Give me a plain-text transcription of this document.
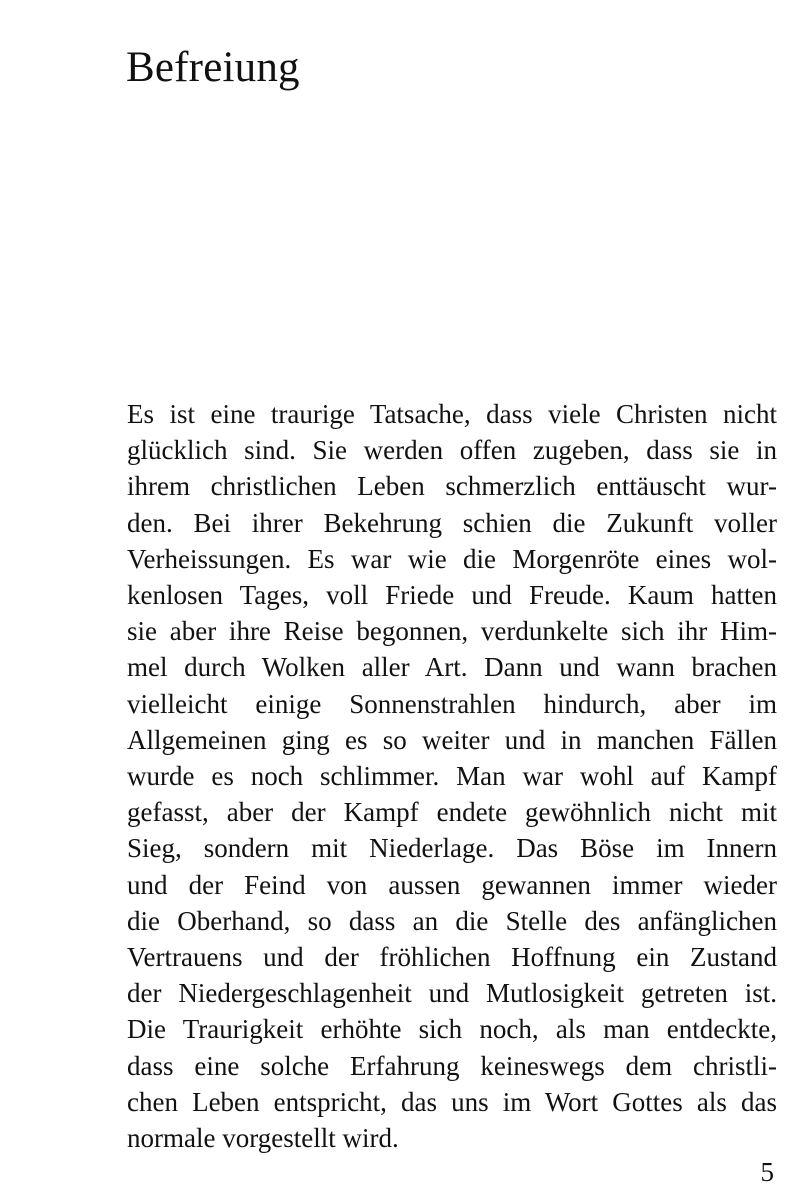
Befreiung
Es ist eine traurige Tatsache, dass viele Christen nicht
glücklich sind. Sie werden offen zugeben, dass sie in
ihrem christlichen Leben schmerzlich enttäuscht wur-
den. Bei ihrer Bekehrung schien die Zukunft voller
Verheissungen. Es war wie die Morgenröte eines wol-
kenlosen Tages, voll Friede und Freude. Kaum hatten
sie aber ihre Reise begonnen, verdunkelte sich ihr Him-
mel durch Wolken aller Art. Dann und wann brachen
vielleicht einige Sonnenstrahlen hindurch, aber im
Allgemeinen ging es so weiter und in manchen Fällen
wurde es noch schlimmer. Man war wohl auf Kampf
gefasst, aber der Kampf endete gewöhnlich nicht mit
Sieg, sondern mit Niederlage. Das Böse im Innern
und der Feind von aussen gewannen immer wieder
die Oberhand, so dass an die Stelle des anfänglichen
Vertrauens und der fröhlichen Hoffnung ein Zustand
der Niedergeschlagenheit und Mutlosigkeit getreten ist.
Die Traurigkeit erhöhte sich noch, als man entdeckte,
dass eine solche Erfahrung keineswegs dem christli-
chen Leben entspricht, das uns im Wort Gottes als das
normale vorgestellt wird.
5
